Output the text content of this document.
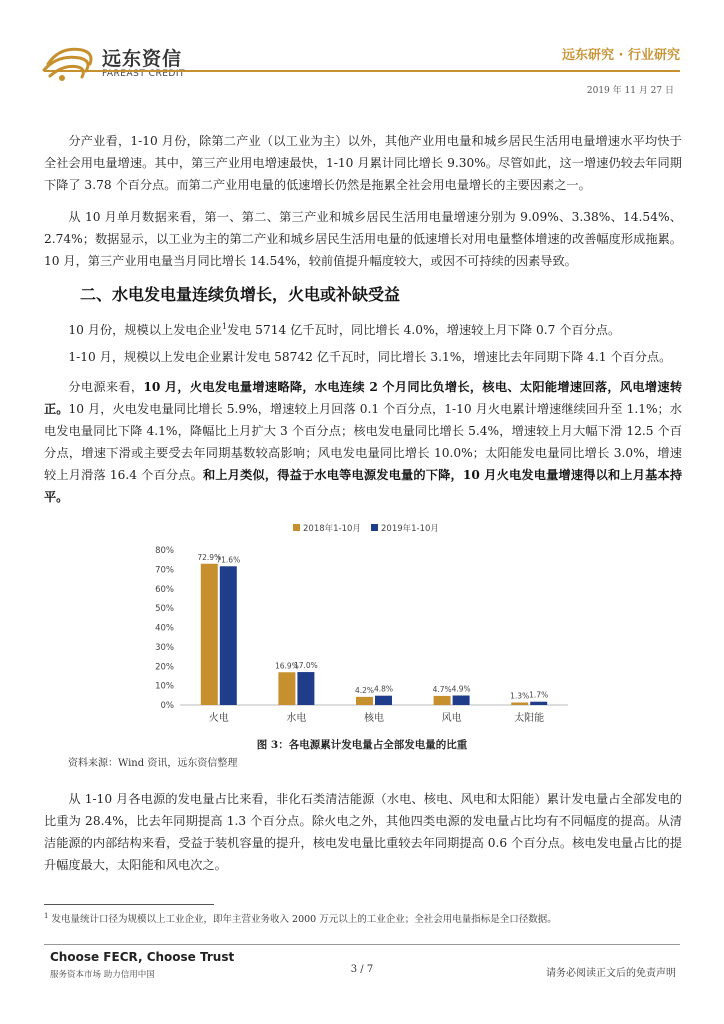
远东资信
FAREAST CREDIT
远东研究 · 行业研究
2019 年 11 月 27 日

分产业看，1-10 月份，除第二产业（以工业为主）以外，其他产业用电量和城乡居民生活用电量增速水平均快于全社会用电量增速。其中，第三产业用电增速最快，1-10 月累计同比增长 9.30%。尽管如此，这一增速仍较去年同期下降了 3.78 个百分点。而第二产业用电量的低速增长仍然是拖累全社会用电量增长的主要因素之一。

从 10 月单月数据来看，第一、第二、第三产业和城乡居民生活用电量增速分别为 9.09%、3.38%、14.54%、2.74%；数据显示，以工业为主的第二产业和城乡居民生活用电量的低速增长对用电量整体增速的改善幅度形成拖累。10 月，第三产业用电量当月同比增长 14.54%，较前值提升幅度较大，或因不可持续的因素导致。

二、水电发电量连续负增长，火电或补缺受益

10 月份，规模以上发电企业$^1$发电 5714 亿千瓦时，同比增长 4.0%，增速较上月下降 0.7 个百分点。

1-10 月，规模以上发电企业累计发电 58742 亿千瓦时，同比增长 3.1%，增速比去年同期下降 4.1 个百分点。

分电源来看，10 月，火电发电量增速略降，水电连续 2 个月同比负增长，核电、太阳能增速回落，风电增速转正。10 月，火电发电量同比增长 5.9%，增速较上月回落 0.1 个百分点，1-10 月火电累计增速继续回升至 1.1%；水电发电量同比下降 4.1%，降幅比上月扩大 3 个百分点；核电发电量同比增长 5.4%，增速较上月大幅下滑 12.5 个百分点，增速下滑或主要受去年同期基数较高影响；风电发电量同比增长 10.0%；太阳能发电量同比增长 3.0%，增速较上月滑落 16.4 个百分点。和上月类似，得益于水电等电源发电量的下降，10 月火电发电量增速得以和上月基本持平。

2018年1-10月 2019年1-10月
0%
10%
20%
30%
40%
50%
60%
70%
80%
72.9%
71.6%
火电
16.9%
17.0%
水电
4.2% 4.8%
核电
4.7% 4.9%
风电
1.3% 1.7%
太阳能
图 3：各电源累计发电量占全部发电量的比重
资料来源：Wind 资讯，远东资信整理

从 1-10 月各电源的发电量占比来看，非化石类清洁能源（水电、核电、风电和太阳能）累计发电量占全部发电的比重为 28.4%，比去年同期提高 1.3 个百分点。除火电之外，其他四类电源的发电量占比均有不同幅度的提高。从清洁能源的内部结构来看，受益于装机容量的提升，核电发电量比重较去年同期提高 0.6 个百分点。核电发电量占比的提升幅度最大，太阳能和风电次之。

$^1$ 发电量统计口径为规模以上工业企业，即年主营业务收入 2000 万元以上的工业企业；全社会用电量指标是全口径数据。
Choose FECR, Choose Trust
服务资本市场 助力信用中国	3 / 7	请务必阅读正文后的免责声明
